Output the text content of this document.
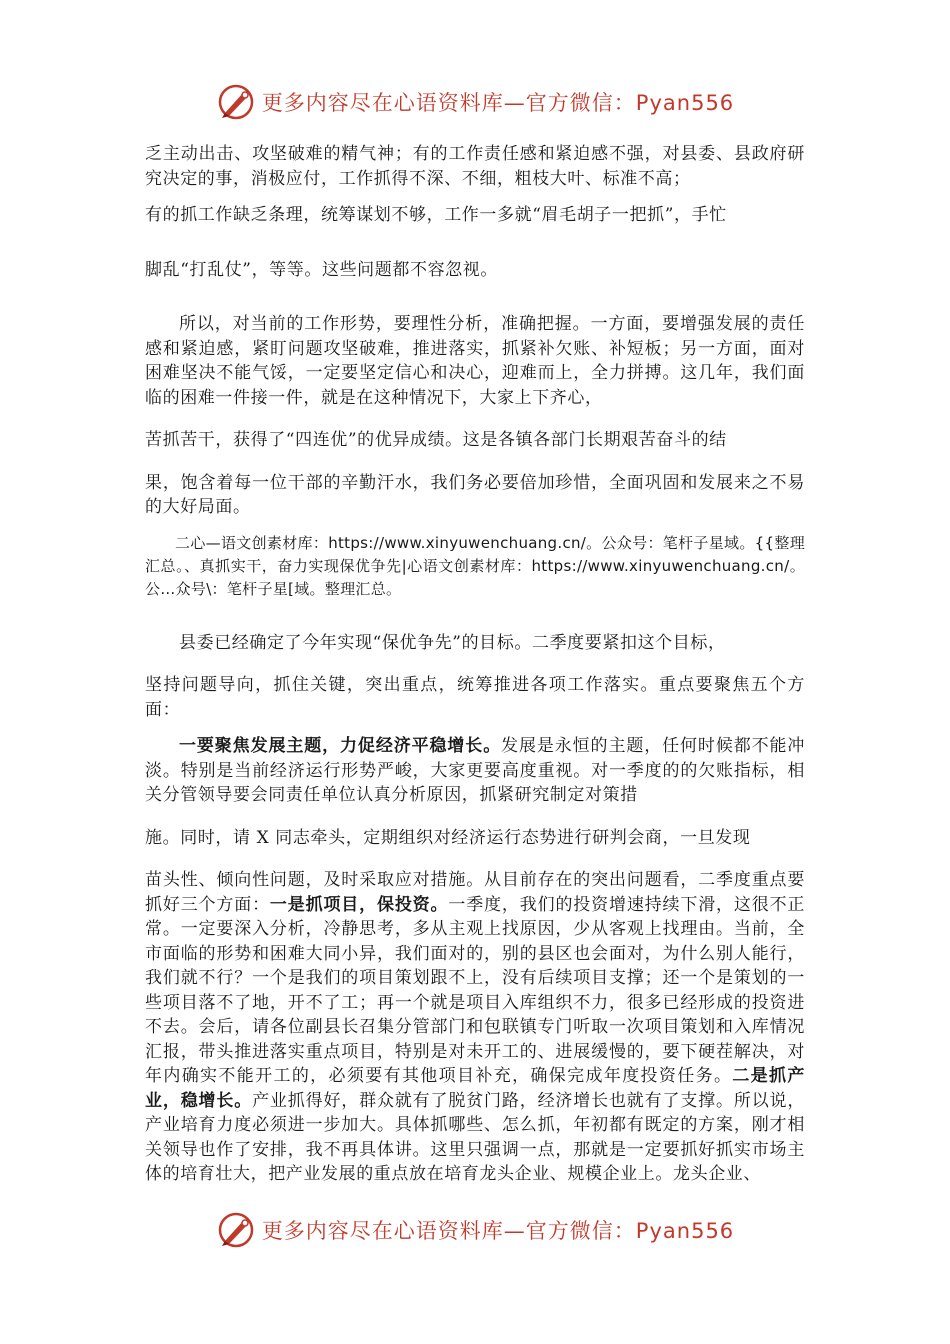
更多内容尽在心语资料库—官方微信：Pyan556

乏主动出击、攻坚破难的精气神；有的工作责任感和紧迫感不强，对县委、县政府研究决定的事，消极应付，工作抓得不深、不细，粗枝大叶、标准不高；

有的抓工作缺乏条理，统筹谋划不够，工作一多就“眉毛胡子一把抓”，手忙

脚乱“打乱仗”，等等。这些问题都不容忽视。

所以，对当前的工作形势，要理性分析，准确把握。一方面，要增强发展的责任感和紧迫感，紧盯问题攻坚破难，推进落实，抓紧补欠账、补短板；另一方面，面对困难坚决不能气馁，一定要坚定信心和决心，迎难而上，全力拼搏。这几年，我们面临的困难一件接一件，就是在这种情况下，大家上下齐心，

苦抓苦干，获得了“四连优”的优异成绩。这是各镇各部门长期艰苦奋斗的结

果，饱含着每一位干部的辛勤汗水，我们务必要倍加珍惜，全面巩固和发展来之不易的大好局面。

二心—语文创素材库：https://www.xinyuwenchuang.cn/。公众号：笔杆子星域。{{整理汇总。、真抓实干，奋力实现保优争先|心语文创素材库：https://www.xinyuwenchuang.cn/。公…众号\：笔杆子星[域。整理汇总。

县委已经确定了今年实现“保优争先”的目标。二季度要紧扣这个目标，

坚持问题导向，抓住关键，突出重点，统筹推进各项工作落实。重点要聚焦五个方面：

一要聚焦发展主题，力促经济平稳增长。发展是永恒的主题，任何时候都不能冲淡。特别是当前经济运行形势严峻，大家更要高度重视。对一季度的的欠账指标，相关分管领导要会同责任单位认真分析原因，抓紧研究制定对策措

施。同时，请 X 同志牵头，定期组织对经济运行态势进行研判会商，一旦发现

苗头性、倾向性问题，及时采取应对措施。从目前存在的突出问题看，二季度重点要抓好三个方面：一是抓项目，保投资。一季度，我们的投资增速持续下滑，这很不正常。一定要深入分析，冷静思考，多从主观上找原因，少从客观上找理由。当前，全市面临的形势和困难大同小异，我们面对的，别的县区也会面对，为什么别人能行，我们就不行？一个是我们的项目策划跟不上，没有后续项目支撑；还一个是策划的一些项目落不了地，开不了工；再一个就是项目入库组织不力，很多已经形成的投资进不去。会后，请各位副县长召集分管部门和包联镇专门听取一次项目策划和入库情况汇报，带头推进落实重点项目，特别是对未开工的、进展缓慢的，要下硬茬解决，对年内确实不能开工的，必须要有其他项目补充，确保完成年度投资任务。二是抓产业，稳增长。产业抓得好，群众就有了脱贫门路，经济增长也就有了支撑。所以说，产业培育力度必须进一步加大。具体抓哪些、怎么抓，年初都有既定的方案，刚才相关领导也作了安排，我不再具体讲。这里只强调一点，那就是一定要抓好抓实市场主体的培育壮大，把产业发展的重点放在培育龙头企业、规模企业上。龙头企业、

更多内容尽在心语资料库—官方微信：Pyan556
